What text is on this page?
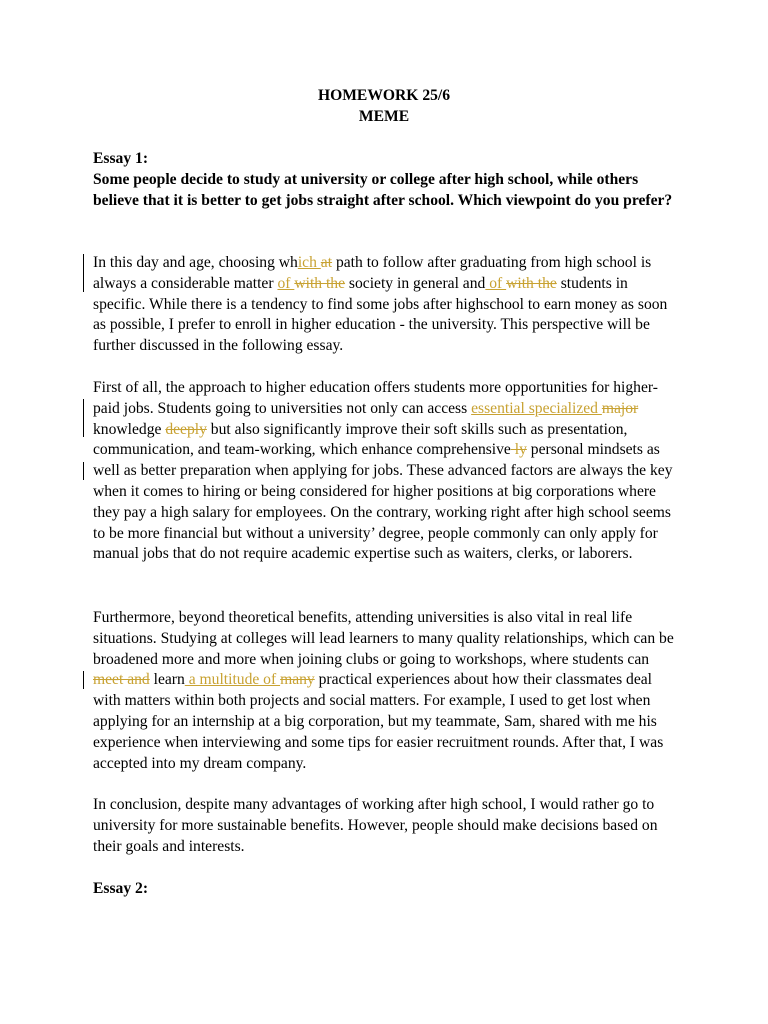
HOMEWORK 25/6
MEME
Essay 1:
Some people decide to study at university or college after high school, while others believe that it is better to get jobs straight after school. Which viewpoint do you prefer?
In this day and age, choosing which at path to follow after graduating from high school is always a considerable matter of with the society in general and of with the students in specific. While there is a tendency to find some jobs after highschool to earn money as soon as possible, I prefer to enroll in higher education - the university. This perspective will be further discussed in the following essay.
First of all, the approach to higher education offers students more opportunities for higher-paid jobs. Students going to universities not only can access essential specialized major knowledge deeply but also significantly improve their soft skills such as presentation, communication, and team-working, which enhance comprehensive ly personal mindsets as well as better preparation when applying for jobs. These advanced factors are always the key when it comes to hiring or being considered for higher positions at big corporations where they pay a high salary for employees. On the contrary, working right after high school seems to be more financial but without a university’ degree, people commonly can only apply for manual jobs that do not require academic expertise such as waiters, clerks, or laborers.
Furthermore, beyond theoretical benefits, attending universities is also vital in real life situations. Studying at colleges will lead learners to many quality relationships, which can be broadened more and more when joining clubs or going to workshops, where students can meet and learn a multitude of many practical experiences about how their classmates deal with matters within both projects and social matters. For example, I used to get lost when applying for an internship at a big corporation, but my teammate, Sam, shared with me his experience when interviewing and some tips for easier recruitment rounds. After that, I was accepted into my dream company.
In conclusion, despite many advantages of working after high school, I would rather go to university for more sustainable benefits. However, people should make decisions based on their goals and interests.
Essay 2:
